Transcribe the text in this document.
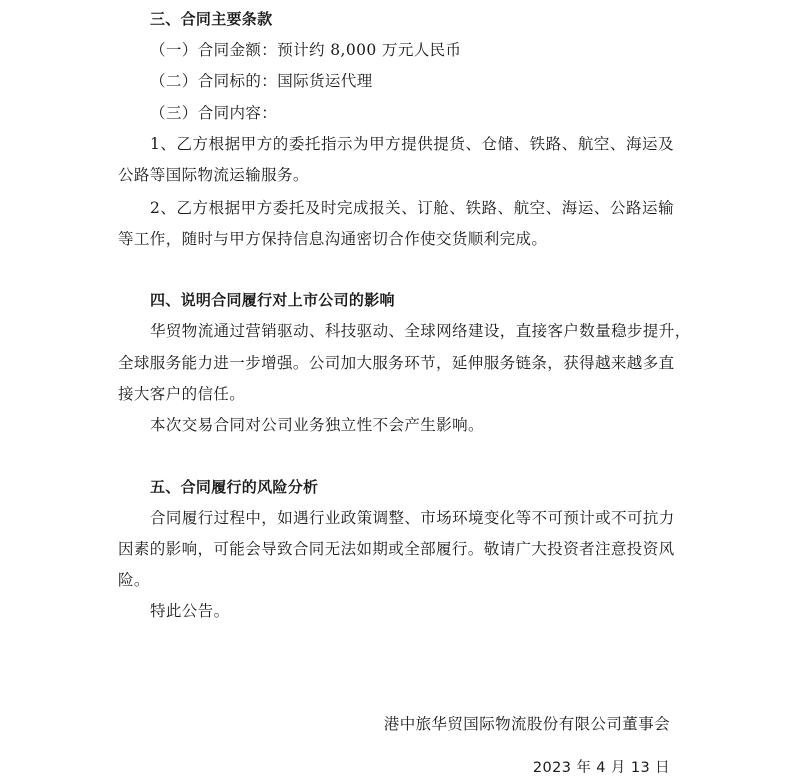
三、合同主要条款
（一）合同金额：预计约 8,000 万元人民币
（二）合同标的：国际货运代理
（三）合同内容：
1、乙方根据甲方的委托指示为甲方提供提货、仓储、铁路、航空、海运及
公路等国际物流运输服务。
2、乙方根据甲方委托及时完成报关、订舱、铁路、航空、海运、公路运输
等工作，随时与甲方保持信息沟通密切合作使交货顺利完成。
四、说明合同履行对上市公司的影响
华贸物流通过营销驱动、科技驱动、全球网络建设，直接客户数量稳步提升，
全球服务能力进一步增强。公司加大服务环节，延伸服务链条，获得越来越多直
接大客户的信任。
本次交易合同对公司业务独立性不会产生影响。
五、合同履行的风险分析
合同履行过程中，如遇行业政策调整、市场环境变化等不可预计或不可抗力
因素的影响，可能会导致合同无法如期或全部履行。敬请广大投资者注意投资风
险。
特此公告。
港中旅华贸国际物流股份有限公司董事会
2023 年 4 月 13 日
